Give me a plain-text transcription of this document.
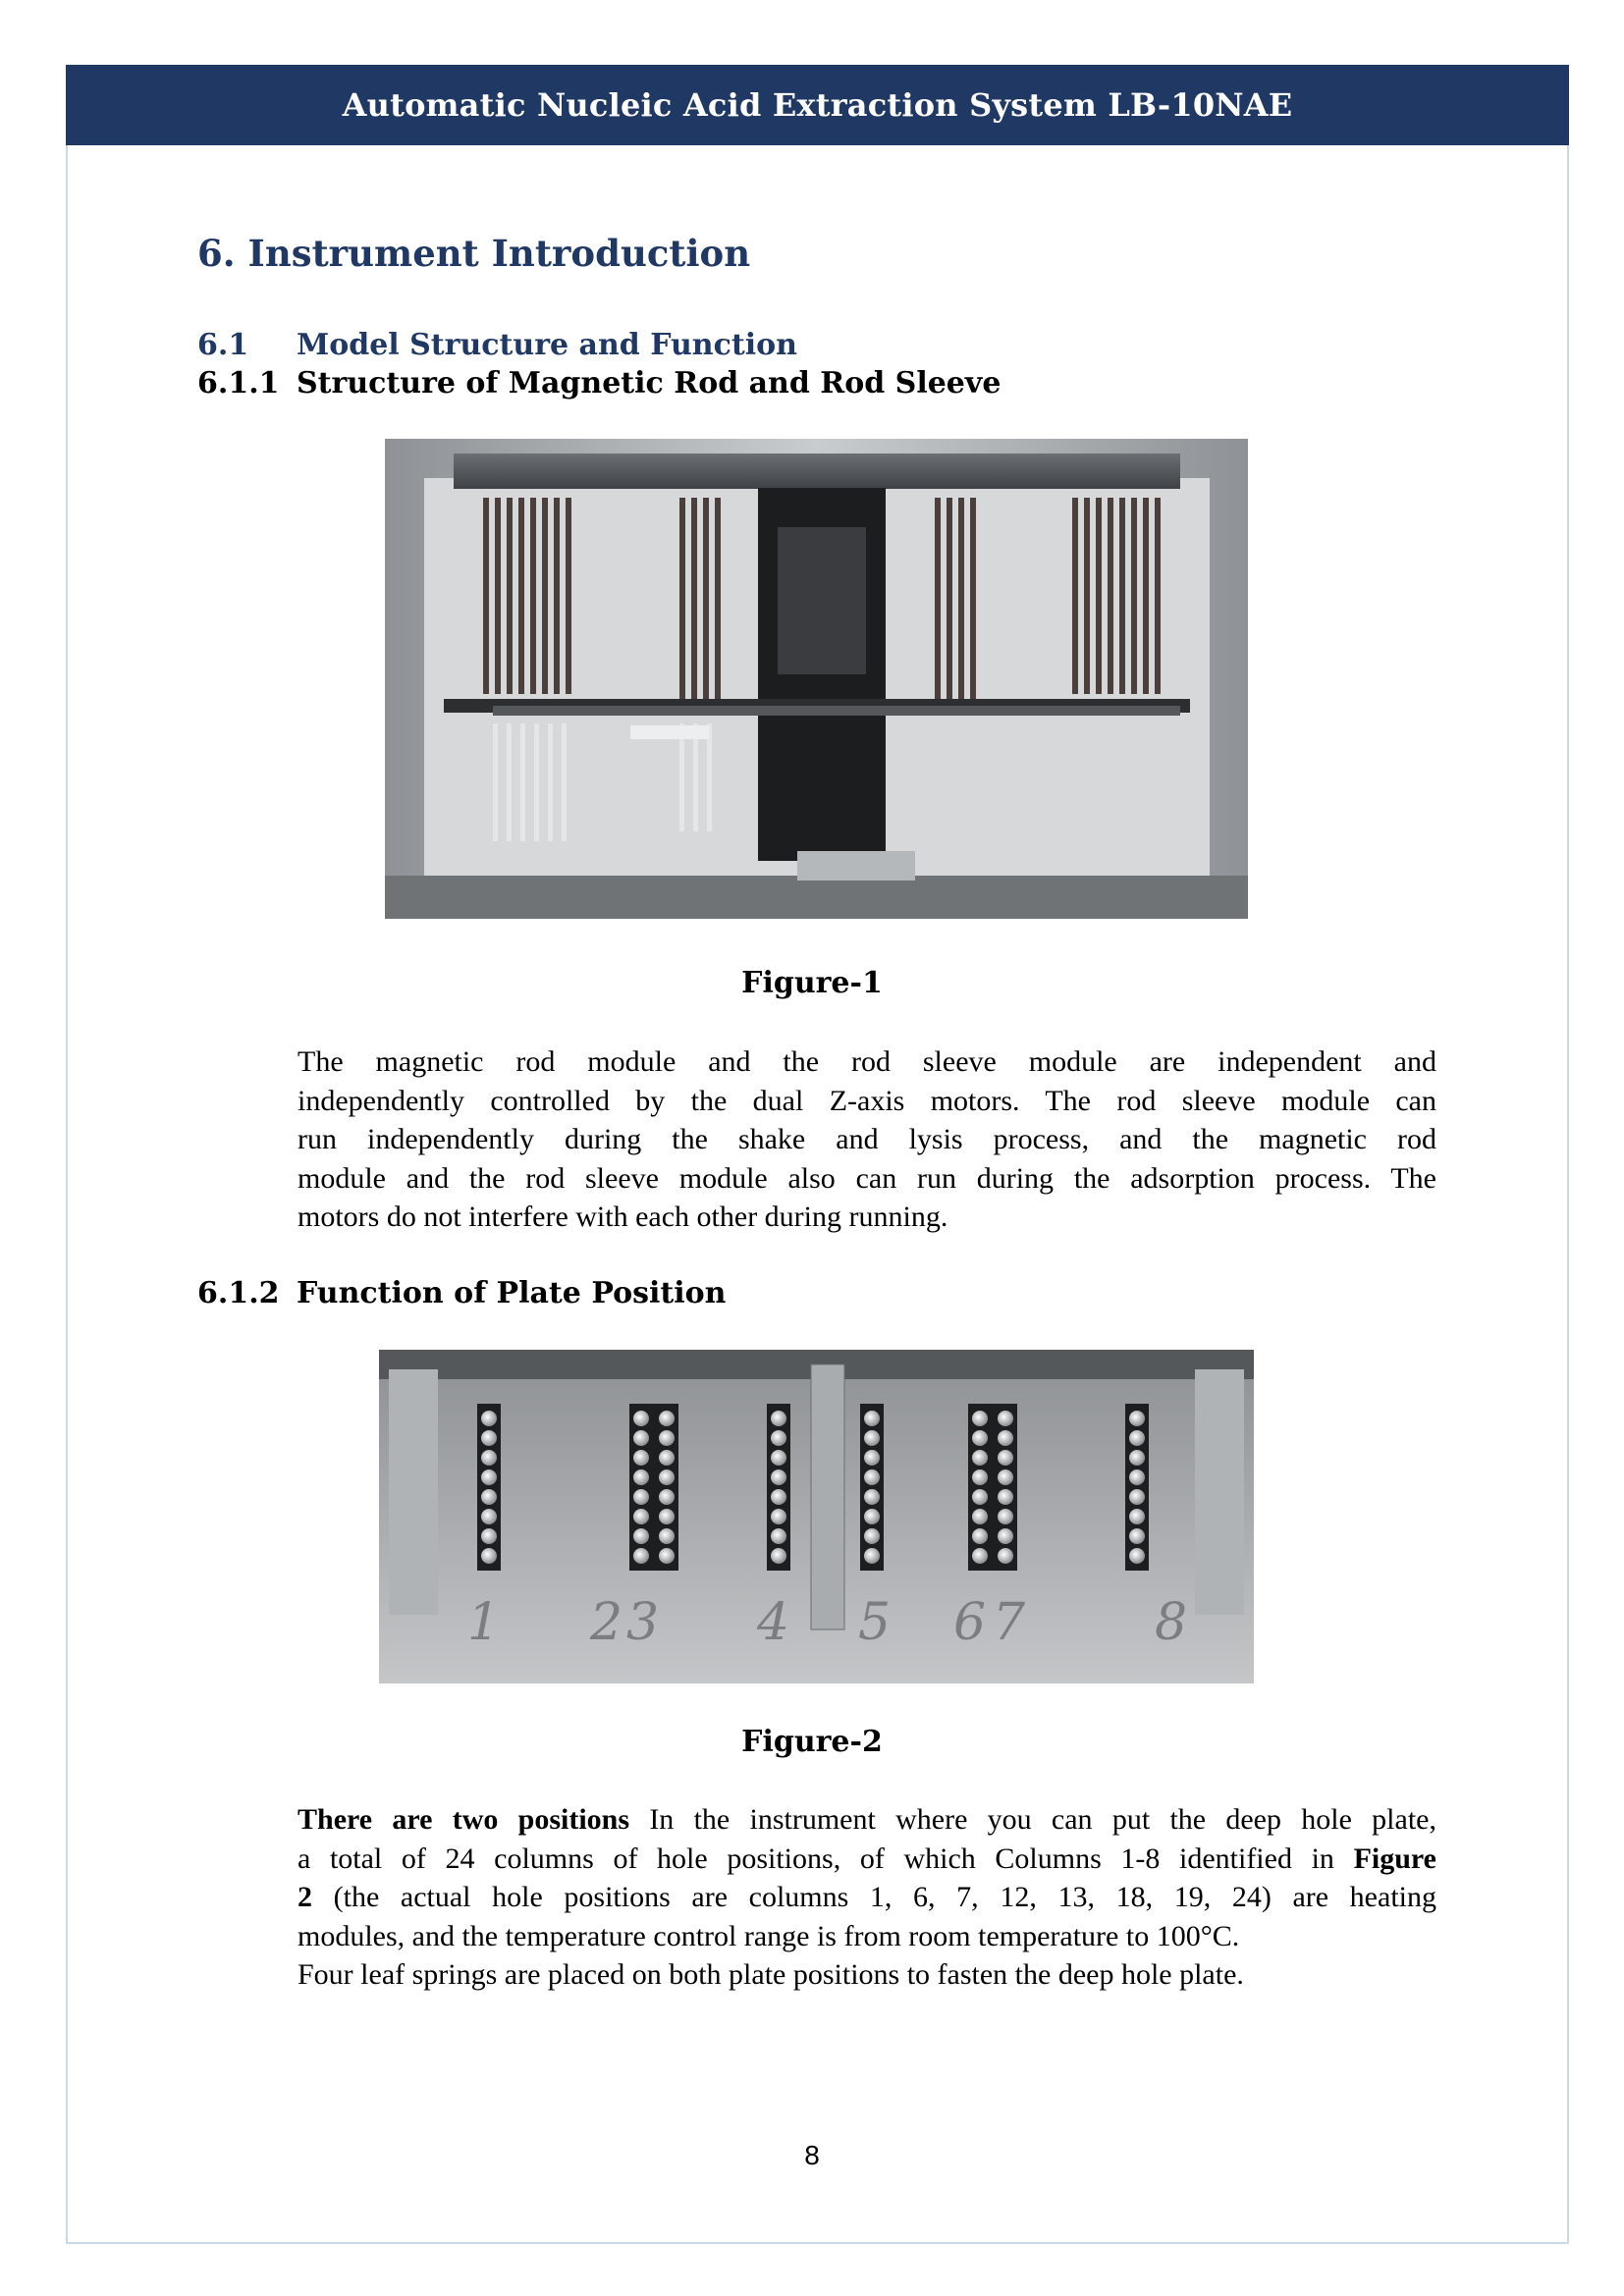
Automatic Nucleic Acid Extraction System LB-10NAE
6. Instrument Introduction
6.1 Model Structure and Function
6.1.1 Structure of Magnetic Rod and Rod Sleeve
Figure-1
The magnetic rod module and the rod sleeve module are independent and
independently controlled by the dual Z-axis motors. The rod sleeve module can
run independently during the shake and lysis process, and the magnetic rod
module and the rod sleeve module also can run during the adsorption process. The
motors do not interfere with each other during running.
6.1.2 Function of Plate Position
1 2 3 4 5 6 7	8
Figure-2
There are two positions In the instrument where you can put the deep hole plate,
a total of 24 columns of hole positions, of which Columns 1-8 identified in Figure
2 (the actual hole positions are columns 1, 6, 7, 12, 13, 18, 19, 24) are heating
modules, and the temperature control range is from room temperature to 100°C.
Four leaf springs are placed on both plate positions to fasten the deep hole plate.
8
